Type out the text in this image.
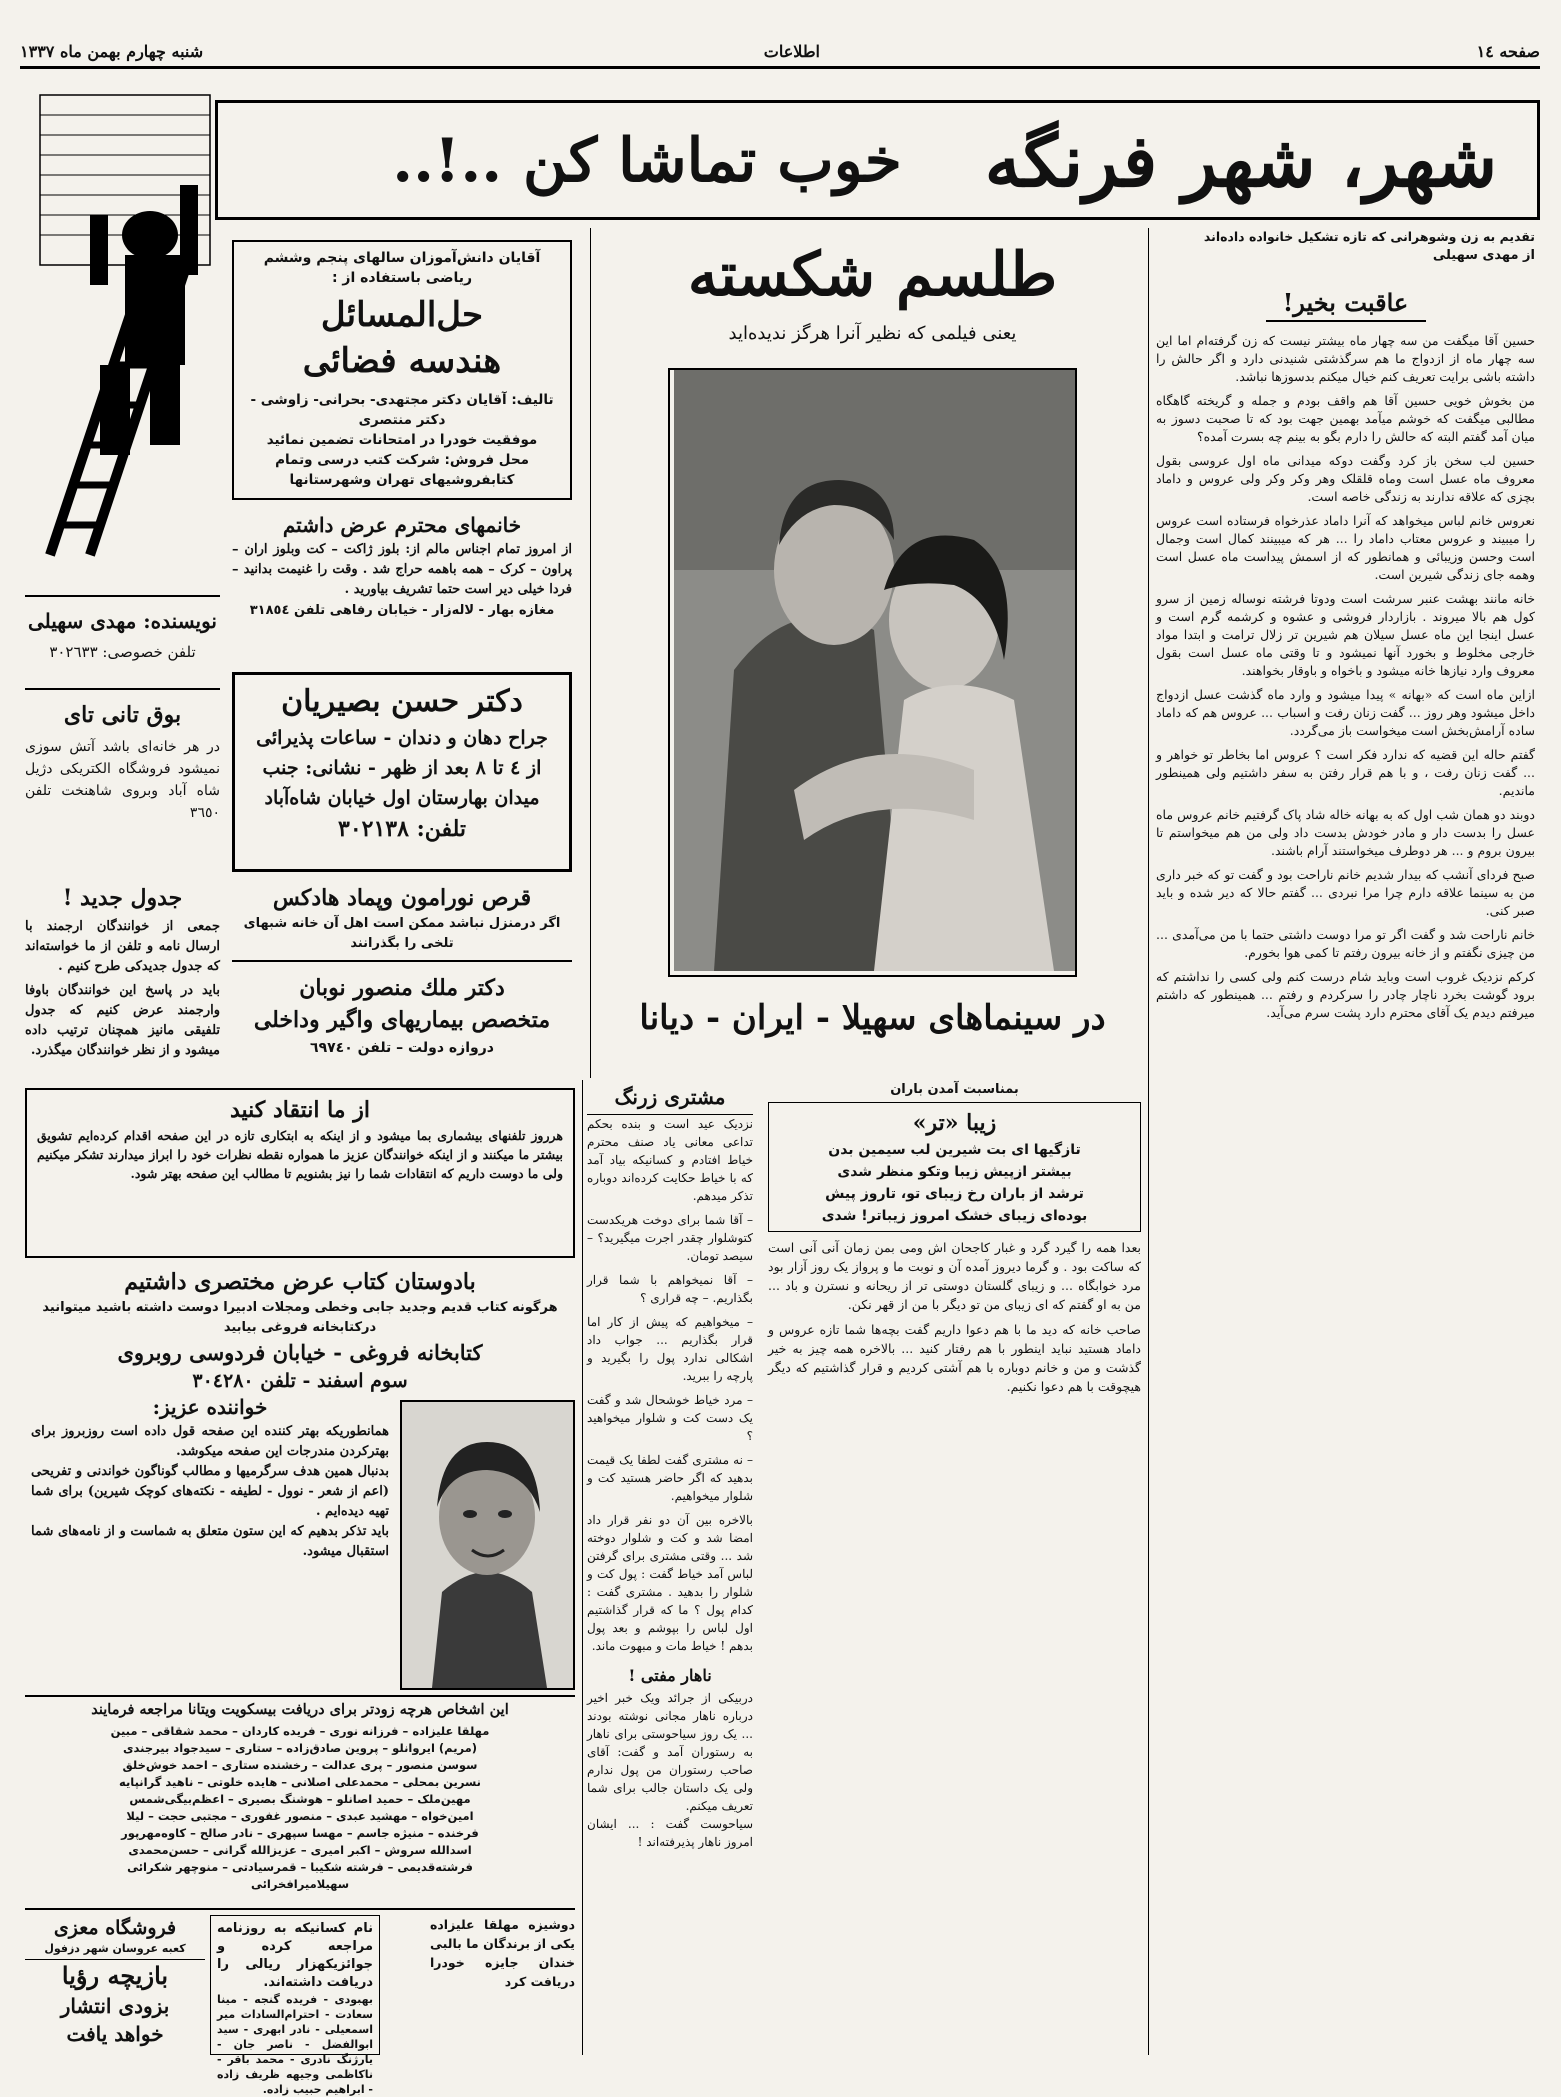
صفحه ١٤
اطلاعات
شنبه چهارم بهمن ماه ۱۳۳۷
شهر، شهر فرنگه
خوب تماشا کن ..!..
نویسنده: مهدی سهیلی
تلفن خصوصی: ٣٠٢٦٣٣
بوق تانی تای
در هر خانه‌ای باشد آتش سوزی نمیشود فروشگاه الکتریکی دژیل شاه آباد وبروی شاهنخت تلفن ٣٦٥٠
جدول جدید !
جمعی از خوانندگان ارجمند با ارسال نامه و تلفن از ما خواسته‌اند که جدول جدیدکی طرح کنیم .
باید در پاسخ این خوانندگان باوفا وارجمند عرض کنیم که جدول تلفیقی مانیز همچنان ترتیب داده میشود و از نظر خوانندگان میگذرد.
آقایان دانش‌آموزان سالهای پنجم وششم ریاضی باستفاده از :
حل‌المسائل
هندسه فضائی
تالیف: آقایان دکتر مجتهدی- بحرانی- زاوشی - دکتر منتصری
موفقیت خودرا در امتحانات تضمین نمائید
محل فروش: شرکت کتب درسی وتمام کتابفروشیهای تهران وشهرستانها
خانمهای محترم عرض داشتم
از امروز تمام اجناس مالم از: بلوز ژاکت – کت وبلوز اران – پراون – کرک – همه باهمه حراج شد . وقت را غنیمت بدانید – فردا خیلی دیر است حتما تشریف بیاورید .
مغازه بهار - لاله‌زار - خیابان رفاهی تلفن ٣١٨٥٤
دکتر حسن بصیریان
جراح دهان و دندان - ساعات پذیرائی
از ٤ تا ٨ بعد از ظهر - نشانی: جنب
میدان بهارستان اول خیابان شاه‌آباد
تلفن: ٣٠٢١٣٨
قرص نورامون وپماد هادکس
اگر درمنزل نباشد ممکن است اهل آن خانه شبهای تلخی را بگذرانند
دکتر ملك منصور نوبان
متخصص بیماریهای واگیر وداخلی
دروازه دولت – تلفن ٦٩٧٤٠
از ما انتقاد کنید
هرروز تلفنهای بیشماری بما میشود و از اینکه به ابتکاری تازه در این صفحه اقدام کرده‌ایم تشویق بیشتر ما میکنند و از اینکه خوانندگان عزیز ما همواره نقطه نظرات خود را ابراز میدارند تشکر میکنیم ولی ما دوست داریم که انتقادات شما را نیز بشنویم تا مطالب این صفحه بهتر شود.
بادوستان کتاب عرض مختصری داشتیم
هرگونه کتاب قدیم وجدید جابی وخطی ومجلات ادبیرا دوست داشته باشید میتوانید درکتابخانه فروغی بیابید
کتابخانه فروغی - خیابان فردوسی روبروی
سوم اسفند - تلفن ٣٠٤٢٨٠
خواننده عزیز:
همانطوریکه بهتر کننده این صفحه قول داده است روزبروز برای بهترکردن مندرجات این صفحه میکوشد.
بدنبال همین هدف سرگرمیها و مطالب گوناگون خواندنی و تفریحی (اعم از شعر - نوول - لطیفه - نکته‌های کوچک شیرین) برای شما تهیه دیده‌ایم .
باید تذکر بدهیم که این ستون متعلق به شماست و از نامه‌های شما استقبال میشود.
این اشخاص هرچه زودتر برای دریافت بیسکویت ویتانا مراجعه فرمایند
مهلقا علیزاده – فرزانه نوری – فریده کاردان – محمد شقاقی – مبین
(مریم) ایروانلو – پروین صادق‌زاده – ستاری – سیدجواد بیرجندی
سوسن منصور – پری عدالت – رخشنده ستاری – احمد خوش‌خلق
نسرین بمحلی – محمدعلی اصلانی – هایده خلوتی – ناهید گرانپایه
مهین‌ملک – حمید اصانلو – هوشنگ بصیری – اعظم‌بیگی‌شمس
امین‌خواه – مهشید عبدی – منصور غفوری – مجتبی حجت – لیلا
فرخنده – منیژه جاسم – مهسا سپهری – نادر صالح – کاوه‌مهرپور
اسدالله سروش – اکبر امیری – عزیزالله گرانی – حسن‌محمدی
فرشته‌قدیمی – فرشته شکیبا – قمرسیادتی – منوچهر شکرائی
سهیلامیرافخرائی
نام کسانیکه به روزنامه مراجعه کرده و جوائزیکهزار ریالی را دریافت داشته‌اند.
بهبودی - فریده گنجه - مینا سعادت - احترام‌السادات میر اسمعیلی - نادر ابهری - سید ابوالفضل - ناصر جان - یارژنگ نادری - محمد باقر - ناکاظمی وجیهه ظریف زاده - ابراهیم حبیب زاده.
بازیچه رؤیا
بزودی انتشار
خواهد یافت
فروشگاه معزی
کعبه عروسان شهر دزفول
دوشیزه مهلقا علیزاده یکی از برندگان ما بالبی خندان جایزه خودرا دریافت کرد
طلسم شکسته
یعنی فیلمی که نظیر آنرا هرگز ندیده‌اید
در سینماهای سهیلا - ایران - دیانا
مشتری زرنگ

نزدیک عید است و بنده بحکم تداعی معانی یاد صنف محترم خیاط افتادم و کسانیکه بیاد آمد که با خیاط حکایت کرده‌اند دوباره تذکر میدهم.

– آقا شما برای دوخت هریکدست کتوشلوار چقدر اجرت میگیرید؟ – سیصد تومان.

– آقا نمیخواهم با شما قرار بگذاریم. – چه قراری ؟

– میخواهیم که پیش از کار اما قرار بگذاریم ... جواب داد اشکالی ندارد پول را بگیرید و پارچه را ببرید.

– مرد خیاط خوشحال شد و گفت یک دست کت و شلوار میخواهید ؟

– نه مشتری گفت لطفا یک قیمت بدهید که اگر حاضر هستید کت و شلوار میخواهیم.

بالاخره بین آن دو نفر قرار داد امضا شد و کت و شلوار دوخته شد ... وقتی مشتری برای گرفتن لباس آمد خیاط گفت : پول کت و شلوار را بدهید . مشتری گفت : کدام پول ؟ ما که قرار گذاشتیم اول لباس را بپوشم و بعد پول بدهم ! خیاط مات و مبهوت ماند.
ناهار مفتی !
دربیکی از جرائد ویک خبر اخیر درباره ناهار مجانی نوشته بودند ... یک روز سیاحوستی برای ناهار به رستوران آمد و گفت: آقای صاحب رستوران من پول ندارم ولی یک داستان جالب برای شما تعریف میکنم.
سیاحوست گفت : ... ایشان امروز ناهار پذیرفته‌اند !
بمناسبت آمدن باران
زیبا «تر»
تازگیها ای بت شیرین لب سیمین بدن
بیشتر ازپیش زیبا وتکو منظر شدی
ترشد از باران رخ زیبای تو، تاروز پیش
بوده‌ای زیبای خشک امروز زیباتر! شدی
بعدا همه را گیرد گرد و غبار کاجحان اش ومی بمن زمان آنی آنی است که ساکت بود . و گرما دیروز آمده آن و نوبت ما و پرواز یک روز آزار بود مرد خوابگاه ... و زیبای گلستان دوستی تر از ریحانه و نسترن و باد ... من به او گفتم که ای زیبای من تو دیگر با من از قهر نکن.
صاحب خانه که دید ما با هم دعوا داریم گفت بچه‌ها شما تازه عروس و داماد هستید نباید اینطور با هم رفتار کنید ... بالاخره همه چیز به خیر گذشت و من و خانم دوباره با هم آشتی کردیم و قرار گذاشتیم که دیگر هیچوقت با هم دعوا نکنیم.
تقدیم به زن وشوهرانی که تازه تشکیل خانواده داده‌اند
از مهدی سهیلی
عاقبت بخیر!

حسین آقا میگفت من سه چهار ماه بیشتر نیست که زن گرفته‌ام اما این سه چهار ماه از ازدواج ما هم سرگذشتی شنیدنی دارد و اگر حالش را داشته باشی برایت تعریف کنم خیال میکنم بدسوزها نباشد.

من بخوش خویی حسین آقا هم واقف بودم و جمله و گریخته گاهگاه مطالبی میگفت که خوشم میآمد بهمین جهت بود که تا صحبت دسوز به میان آمد گفتم البته که حالش را دارم بگو به بینم چه بسرت آمده؟

حسین لب سخن باز کرد وگفت دوکه میدانی ماه اول عروسی بقول معروف ماه عسل است وماه قلقلک وهر وکر وکر ولی عروس و داماد بچزی که علاقه ندارند به زندگی خاصه است.

نعروس خانم لباس میخواهد که آنرا داماد عذرخواه فرستاده است عروس را میبیند و عروس معتاب داماد را ... هر که میبینند کمال است وجمال است وحسن وزیبائی و همانطور که از اسمش پیداست ماه عسل است وهمه جای زندگی شیرین است.

خانه مانند بهشت عنبر سرشت است ودوتا فرشته نوساله زمین از سرو کول هم بالا میروند . بازاردار فروشی و عشوه و کرشمه گرم است و عسل اینجا این ماه عسل سیلان هم شیرین تر زلال ترامت و ابتدا مواد خارجی مخلوط و بخورد آنها نمیشود و تا وقتی ماه عسل است بقول معروف وارد نیازها خانه میشود و باخواه و باوقار بخواهند.

ازاین ماه است که «بهانه » پیدا میشود و وارد ماه گذشت عسل ازدواج داخل میشود وهر روز ... گفت زنان رفت و اسباب ... عروس هم که داماد ساده آرامش‌بخش است میخواست باز می‌گردد.

گفتم حاله این قضیه که ندارد فکر است ؟ عروس اما بخاطر تو خواهر و ... گفت زنان رفت ، و با هم قرار رفتن به سفر داشتیم ولی همینطور ماندیم.

دوبند دو همان شب اول که به بهانه خاله شاد پاک گرفتیم خانم عروس ماه عسل را بدست دار و مادر خودش بدست داد ولی من هم میخواستم تا بیرون بروم و ... هر دوطرف میخواستند آرام باشند.

صبح فردای آنشب که بیدار شدیم خانم ناراحت بود و گفت تو که خبر داری من به سینما علاقه دارم چرا مرا نبردی ... گفتم حالا که دیر شده و باید صبر کنی.

خانم ناراحت شد و گفت اگر تو مرا دوست داشتی حتما با من می‌آمدی ... من چیزی نگفتم و از خانه بیرون رفتم تا کمی هوا بخورم.

کرکم نزدیک غروب است وباید شام درست کنم ولی کسی را نداشتم که برود گوشت بخرد ناچار چادر را سرکردم و رفتم ... همینطور که داشتم میرفتم دیدم یک آقای محترم دارد پشت سرم می‌آید.
